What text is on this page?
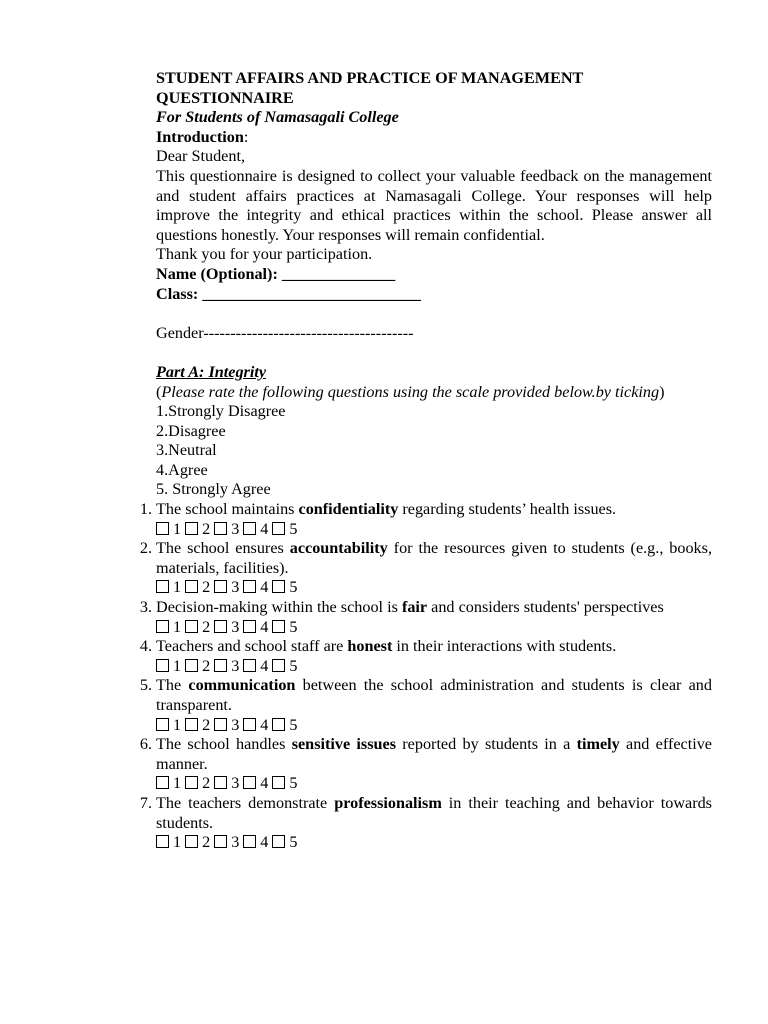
STUDENT AFFAIRS AND PRACTICE OF MANAGEMENT QUESTIONNAIRE
For Students of Namasagali College
Introduction:
Dear Student,
This questionnaire is designed to collect your valuable feedback on the management and student affairs practices at Namasagali College. Your responses will help improve the integrity and ethical practices within the school. Please answer all questions honestly. Your responses will remain confidential.
Thank you for your participation.
Name (Optional): ______________
Class: ___________________________
Gender---------------------------------------
Part A: Integrity
(Please rate the following questions using the scale provided below.by ticking)
1.Strongly Disagree
2.Disagree
3.Neutral
4.Agree
5. Strongly Agree
1. The school maintains confidentiality regarding students’ health issues.
1 2 3 4 5
2. The school ensures accountability for the resources given to students (e.g., books, materials, facilities).
1 2 3 4 5
3. Decision-making within the school is fair and considers students' perspectives
1 2 3 4 5
4. Teachers and school staff are honest in their interactions with students.
1 2 3 4 5
5. The communication between the school administration and students is clear and transparent.
1 2 3 4 5
6. The school handles sensitive issues reported by students in a timely and effective manner.
1 2 3 4 5
7. The teachers demonstrate professionalism in their teaching and behavior towards students.
1 2 3 4 5
